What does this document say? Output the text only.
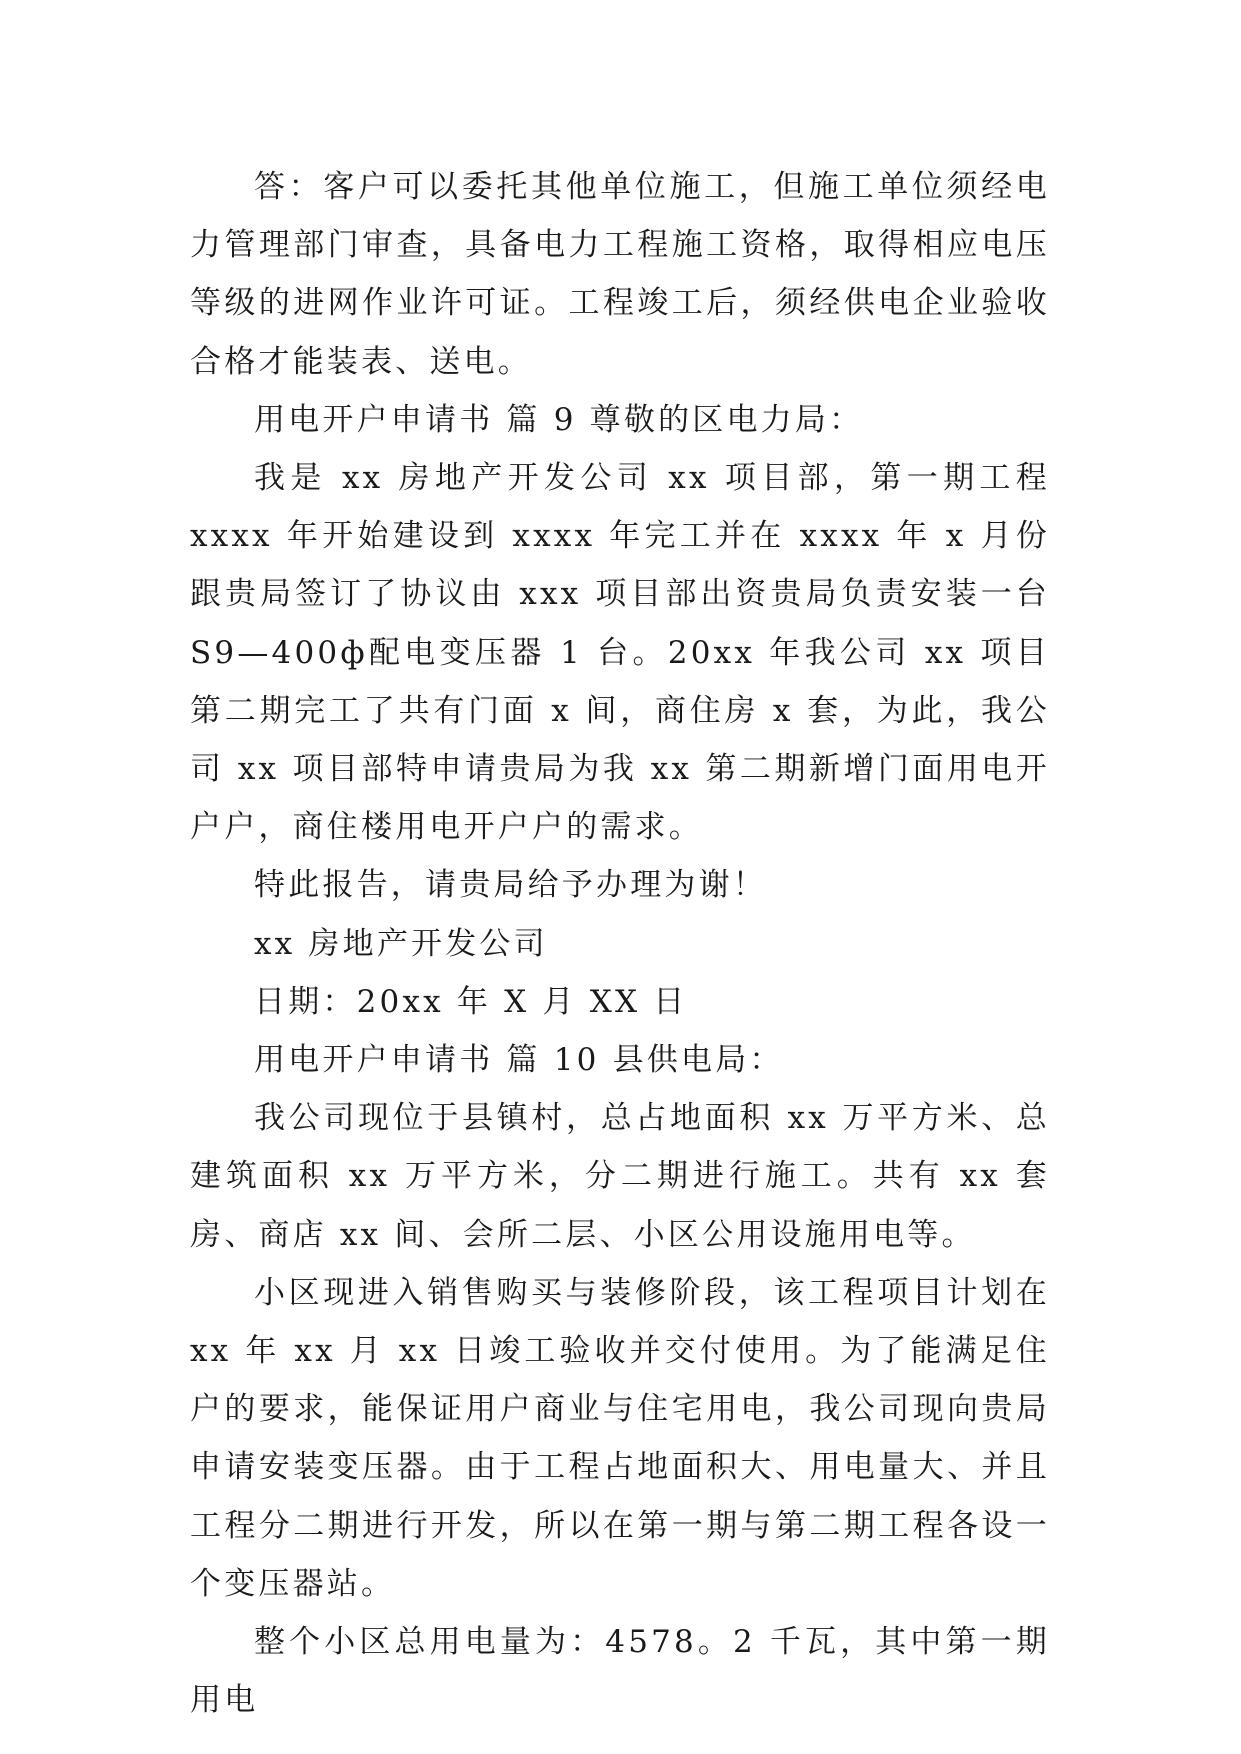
答：客户可以委托其他单位施工，但施工单位须经电力管理部门审查，具备电力工程施工资格，取得相应电压等级的进网作业许可证。工程竣工后，须经供电企业验收合格才能装表、送电。

用电开户申请书 篇 9 尊敬的区电力局：

我是 xx 房地产开发公司 xx 项目部，第一期工程 xxxx 年开始建设到 xxxx 年完工并在 xxxx 年 x 月份跟贵局签订了协议由 xxx 项目部出资贵局负责安装一台 S9—400ф配电变压器 1 台。20xx 年我公司 xx 项目第二期完工了共有门面 x 间，商住房 x 套，为此，我公司 xx 项目部特申请贵局为我 xx 第二期新增门面用电开户户，商住楼用电开户户的需求。

特此报告，请贵局给予办理为谢！

xx 房地产开发公司

日期：20xx 年 X 月 XX 日

用电开户申请书 篇 10 县供电局：

我公司现位于县镇村，总占地面积 xx 万平方米、总建筑面积 xx 万平方米，分二期进行施工。共有 xx 套房、商店 xx 间、会所二层、小区公用设施用电等。

小区现进入销售购买与装修阶段，该工程项目计划在 xx 年 xx 月 xx 日竣工验收并交付使用。为了能满足住户的要求，能保证用户商业与住宅用电，我公司现向贵局申请安装变压器。由于工程占地面积大、用电量大、并且工程分二期进行开发，所以在第一期与第二期工程各设一个变压器站。

整个小区总用电量为：4578。2 千瓦，其中第一期用电
